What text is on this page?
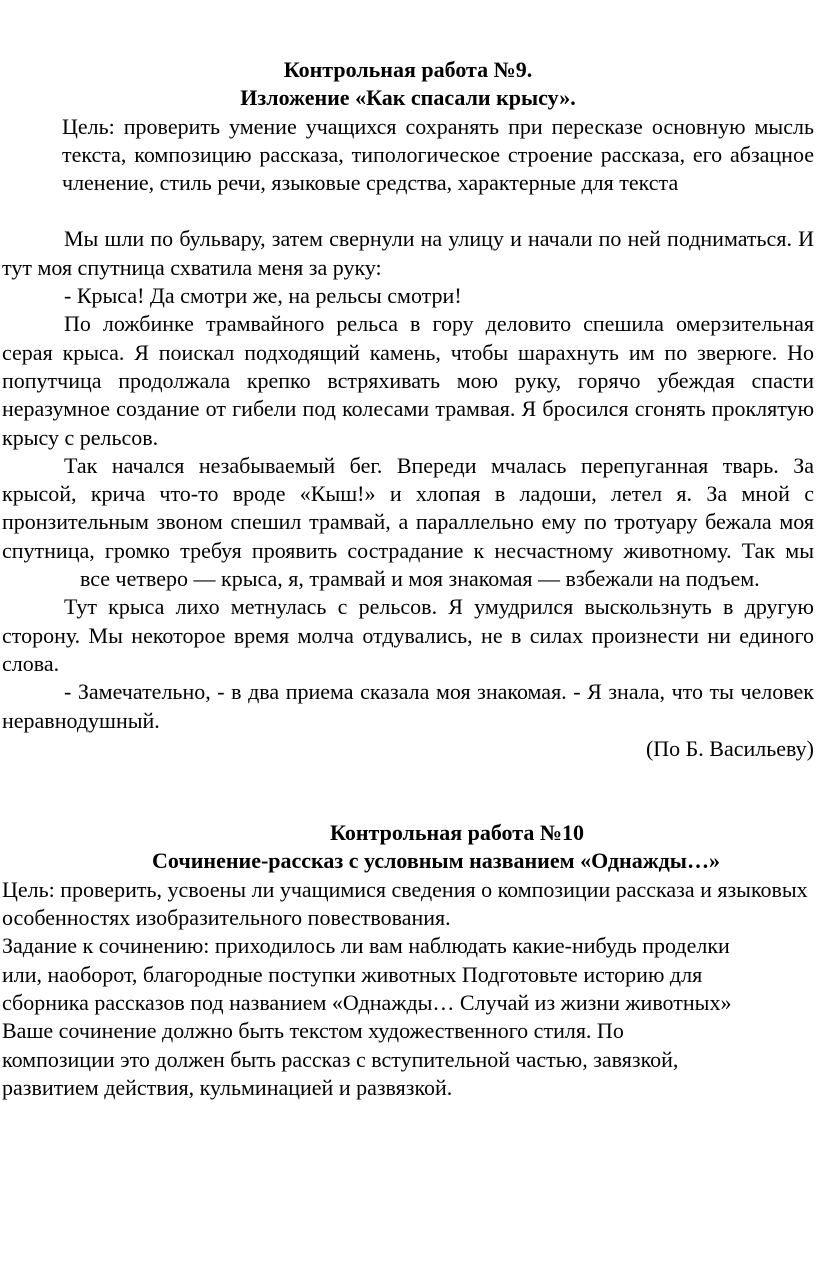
Контрольная работа №9.

Изложение «Как спасали крысу».

Цель: проверить умение учащихся сохранять при пересказе основную мысль текста, композицию рассказа, типологическое строение рассказа, его абзацное членение, стиль речи, языковые средства, характерные для текста

Мы шли по бульвару, затем свернули на улицу и начали по ней подниматься. И тут моя спутница схватила меня за руку:

- Крыса! Да смотри же, на рельсы смотри!

По ложбинке трамвайного рельса в гору деловито спешила омерзительная серая крыса. Я поискал подходящий камень, чтобы шарахнуть им по зверюге. Но попутчица продолжала крепко встряхивать мою руку, горячо убеждая спасти неразумное создание от гибели под колесами трамвая. Я бросился сгонять проклятую крысу с рельсов.

Так начался незабываемый бег. Впереди мчалась перепуганная тварь. За крысой, крича что-то вроде «Кыш!» и хлопая в ладоши, летел я. За мной с пронзительным звоном спешил трамвай, а параллельно ему по тротуару бежала моя спутница, громко требуя проявить сострадание к несчастному животному. Так мывсе четверо — крыса, я, трамвай и моя знакомая — взбежали на подъем.

Тут крыса лихо метнулась с рельсов. Я умудрился выскользнуть в другую сторону. Мы некоторое время молча отдувались, не в силах произнести ни единого слова.

- Замечательно, - в два приема сказала моя знакомая. - Я знала, что ты человек неравнодушный.

(По Б. Васильеву)

Контрольная работа №10

Сочинение-рассказ с условным названием «Однажды…»

Цель: проверить, усвоены ли учащимися сведения о композиции рассказа и языковых особенностях изобразительного повествования.

Задание к сочинению: приходилось ли вам наблюдать какие-нибудь проделки

или, наоборот, благородные поступки животных Подготовьте историю для

сборника рассказов под названием «Однажды… Случай из жизни животных»

Ваше сочинение должно быть текстом художественного стиля. По

композиции это должен быть рассказ с вступительной частью, завязкой,

развитием действия, кульминацией и развязкой.
